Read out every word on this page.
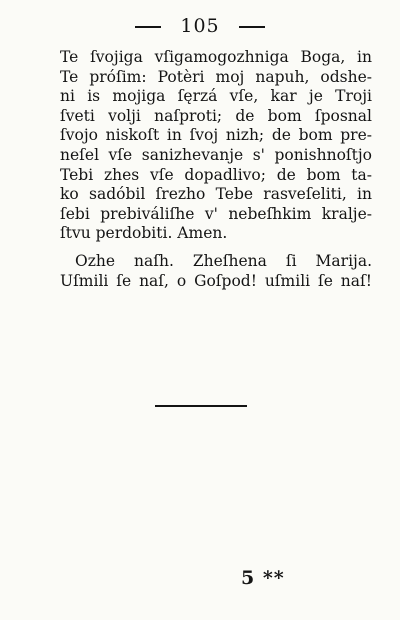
105
Te ſvojiga vſigamogozhniga Boga, in
Te próſim: Potèri moj napuh, odshe-
ni is mojiga ſęrzá vſe, kar je Troji
ſveti volji naſproti; de bom ſposnal
ſvojo niskoſt in ſvoj nizh; de bom pre-
neſel vſe sanizhevanje s' ponishnoſtjo
Tebi zhes vſe dopadlivo; de bom ta-
ko sadóbil ſrezho Tebe rasveſeliti, in
ſebi prebiváliſhe v' nebeſhkim kralje-
ſtvu perdobiti. Amen.
Ozhe naſh. Zheſhena ſi Marija.
Uſmili ſe naſ, o Goſpod! uſmili ſe naſ!
5 **
